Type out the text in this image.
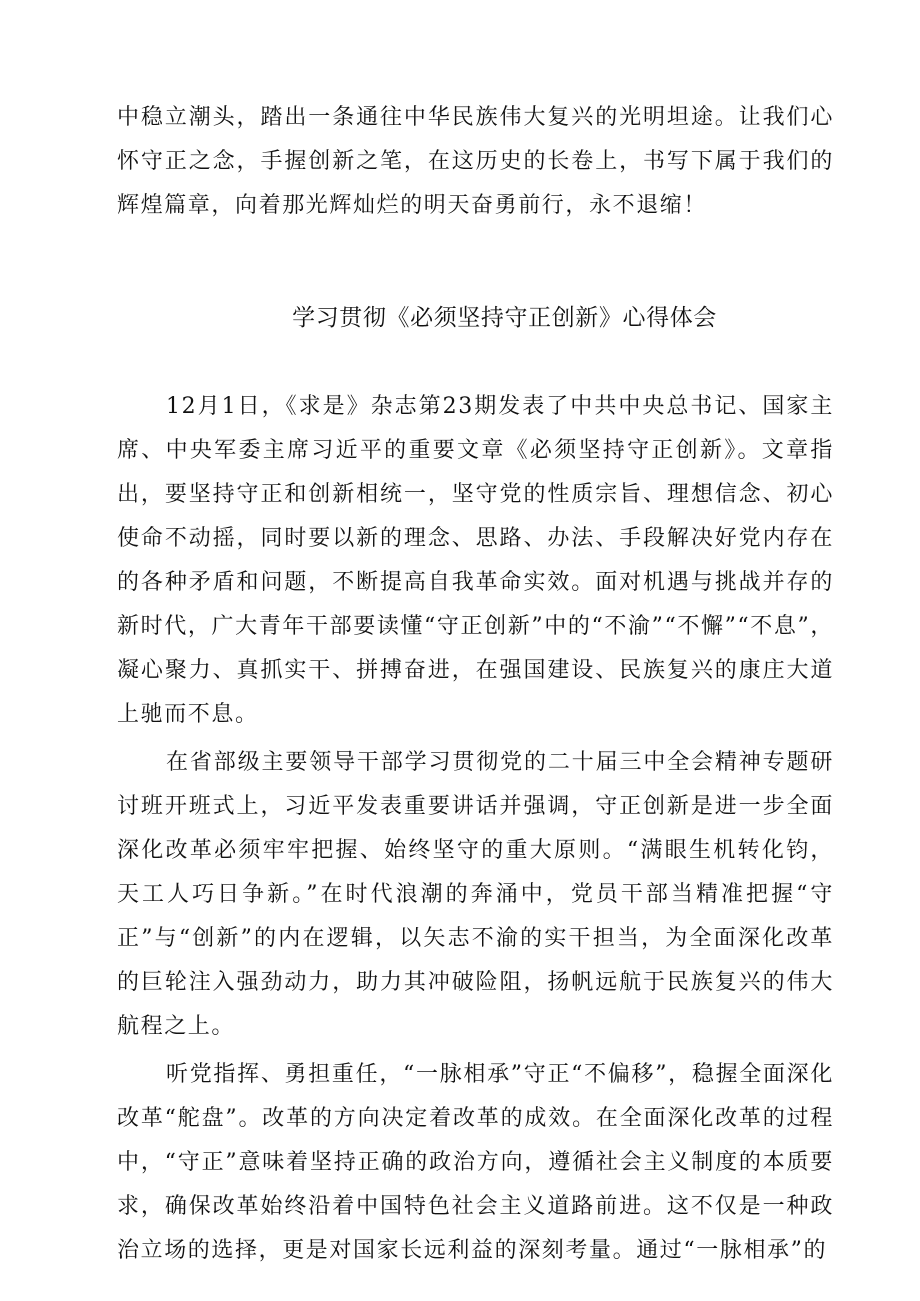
中稳立潮头，踏出一条通往中华民族伟大复兴的光明坦途。让我们心怀守正之念，手握创新之笔，在这历史的长卷上，书写下属于我们的辉煌篇章，向着那光辉灿烂的明天奋勇前行，永不退缩！

学习贯彻《必须坚持守正创新》心得体会

12月1日，《求是》杂志第23期发表了中共中央总书记、国家主席、中央军委主席习近平的重要文章《必须坚持守正创新》。文章指出，要坚持守正和创新相统一，坚守党的性质宗旨、理想信念、初心使命不动摇，同时要以新的理念、思路、办法、手段解决好党内存在的各种矛盾和问题，不断提高自我革命实效。面对机遇与挑战并存的新时代，广大青年干部要读懂“守正创新”中的“不渝”“不懈”“不息”，凝心聚力、真抓实干、拼搏奋进，在强国建设、民族复兴的康庄大道上驰而不息。

在省部级主要领导干部学习贯彻党的二十届三中全会精神专题研讨班开班式上，习近平发表重要讲话并强调，守正创新是进一步全面深化改革必须牢牢把握、始终坚守的重大原则。“满眼生机转化钧，天工人巧日争新。”在时代浪潮的奔涌中，党员干部当精准把握“守正”与“创新”的内在逻辑，以矢志不渝的实干担当，为全面深化改革的巨轮注入强劲动力，助力其冲破险阻，扬帆远航于民族复兴的伟大航程之上。

听党指挥、勇担重任，“一脉相承”守正“不偏移”，稳握全面深化改革“舵盘”。改革的方向决定着改革的成效。在全面深化改革的过程中，“守正”意味着坚持正确的政治方向，遵循社会主义制度的本质要求，确保改革始终沿着中国特色社会主义道路前进。这不仅是一种政治立场的选择，更是对国家长远利益的深刻考量。通过“一脉相承”的
